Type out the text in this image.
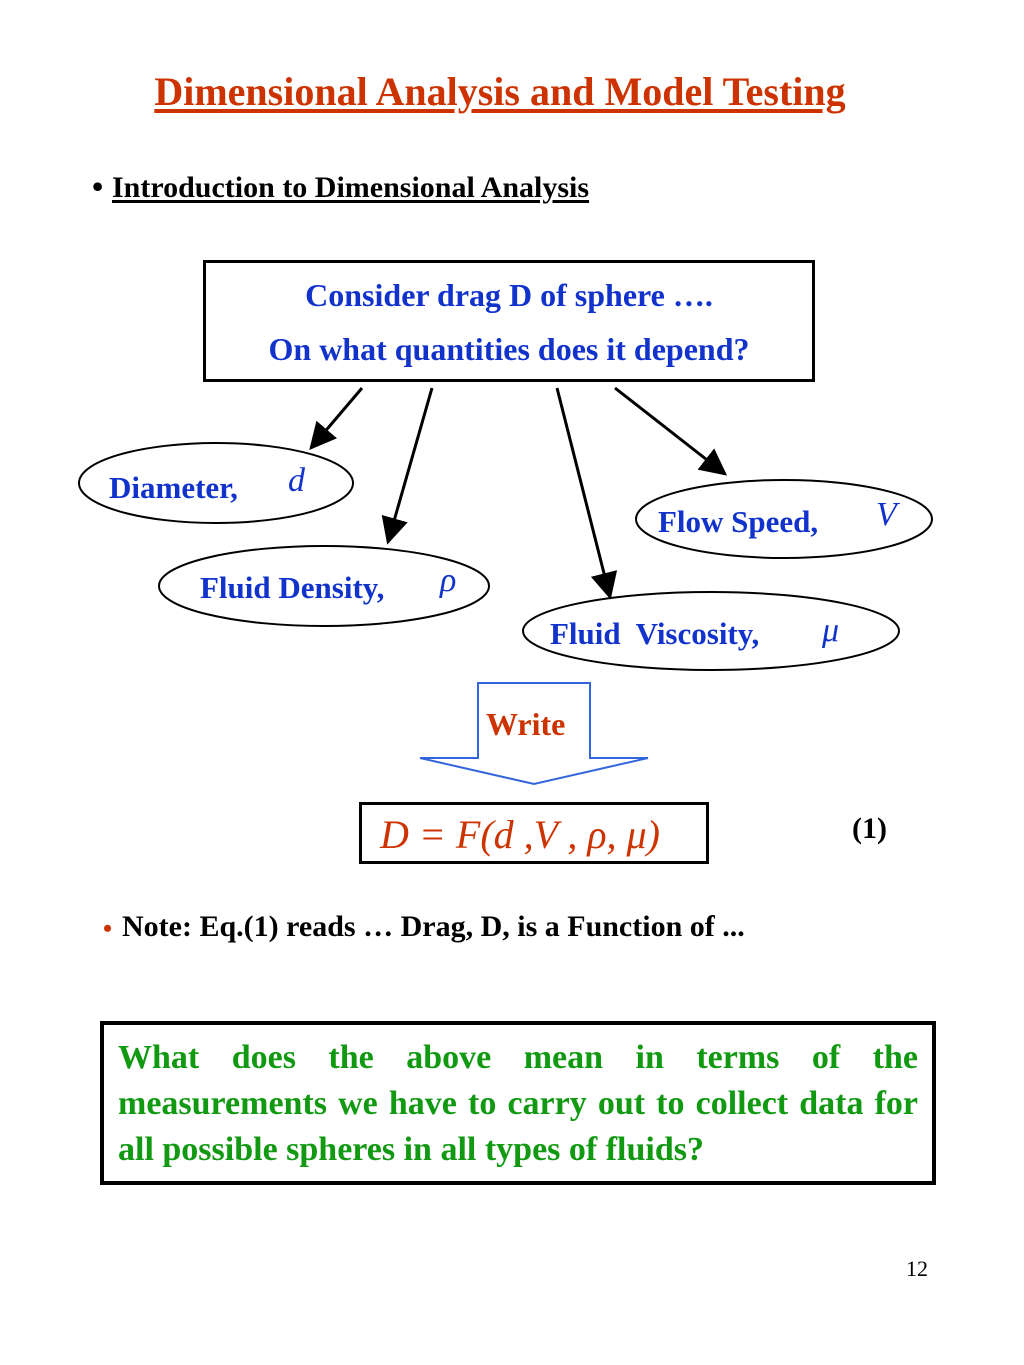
Dimensional Analysis and Model Testing
• Introduction to Dimensional Analysis
Consider drag D of sphere ….
On what quantities does it depend?
Diameter, d
Flow Speed, V
Fluid Density, ρ
Fluid  Viscosity, μ
Write
D = F(d ,V , ρ, μ)	(1)
• Note: Eq.(1) reads … Drag, D, is a Function of ...

What does the above mean in terms of the measurements we have to carry out to collect data for all possible spheres in all types of fluids?

12
